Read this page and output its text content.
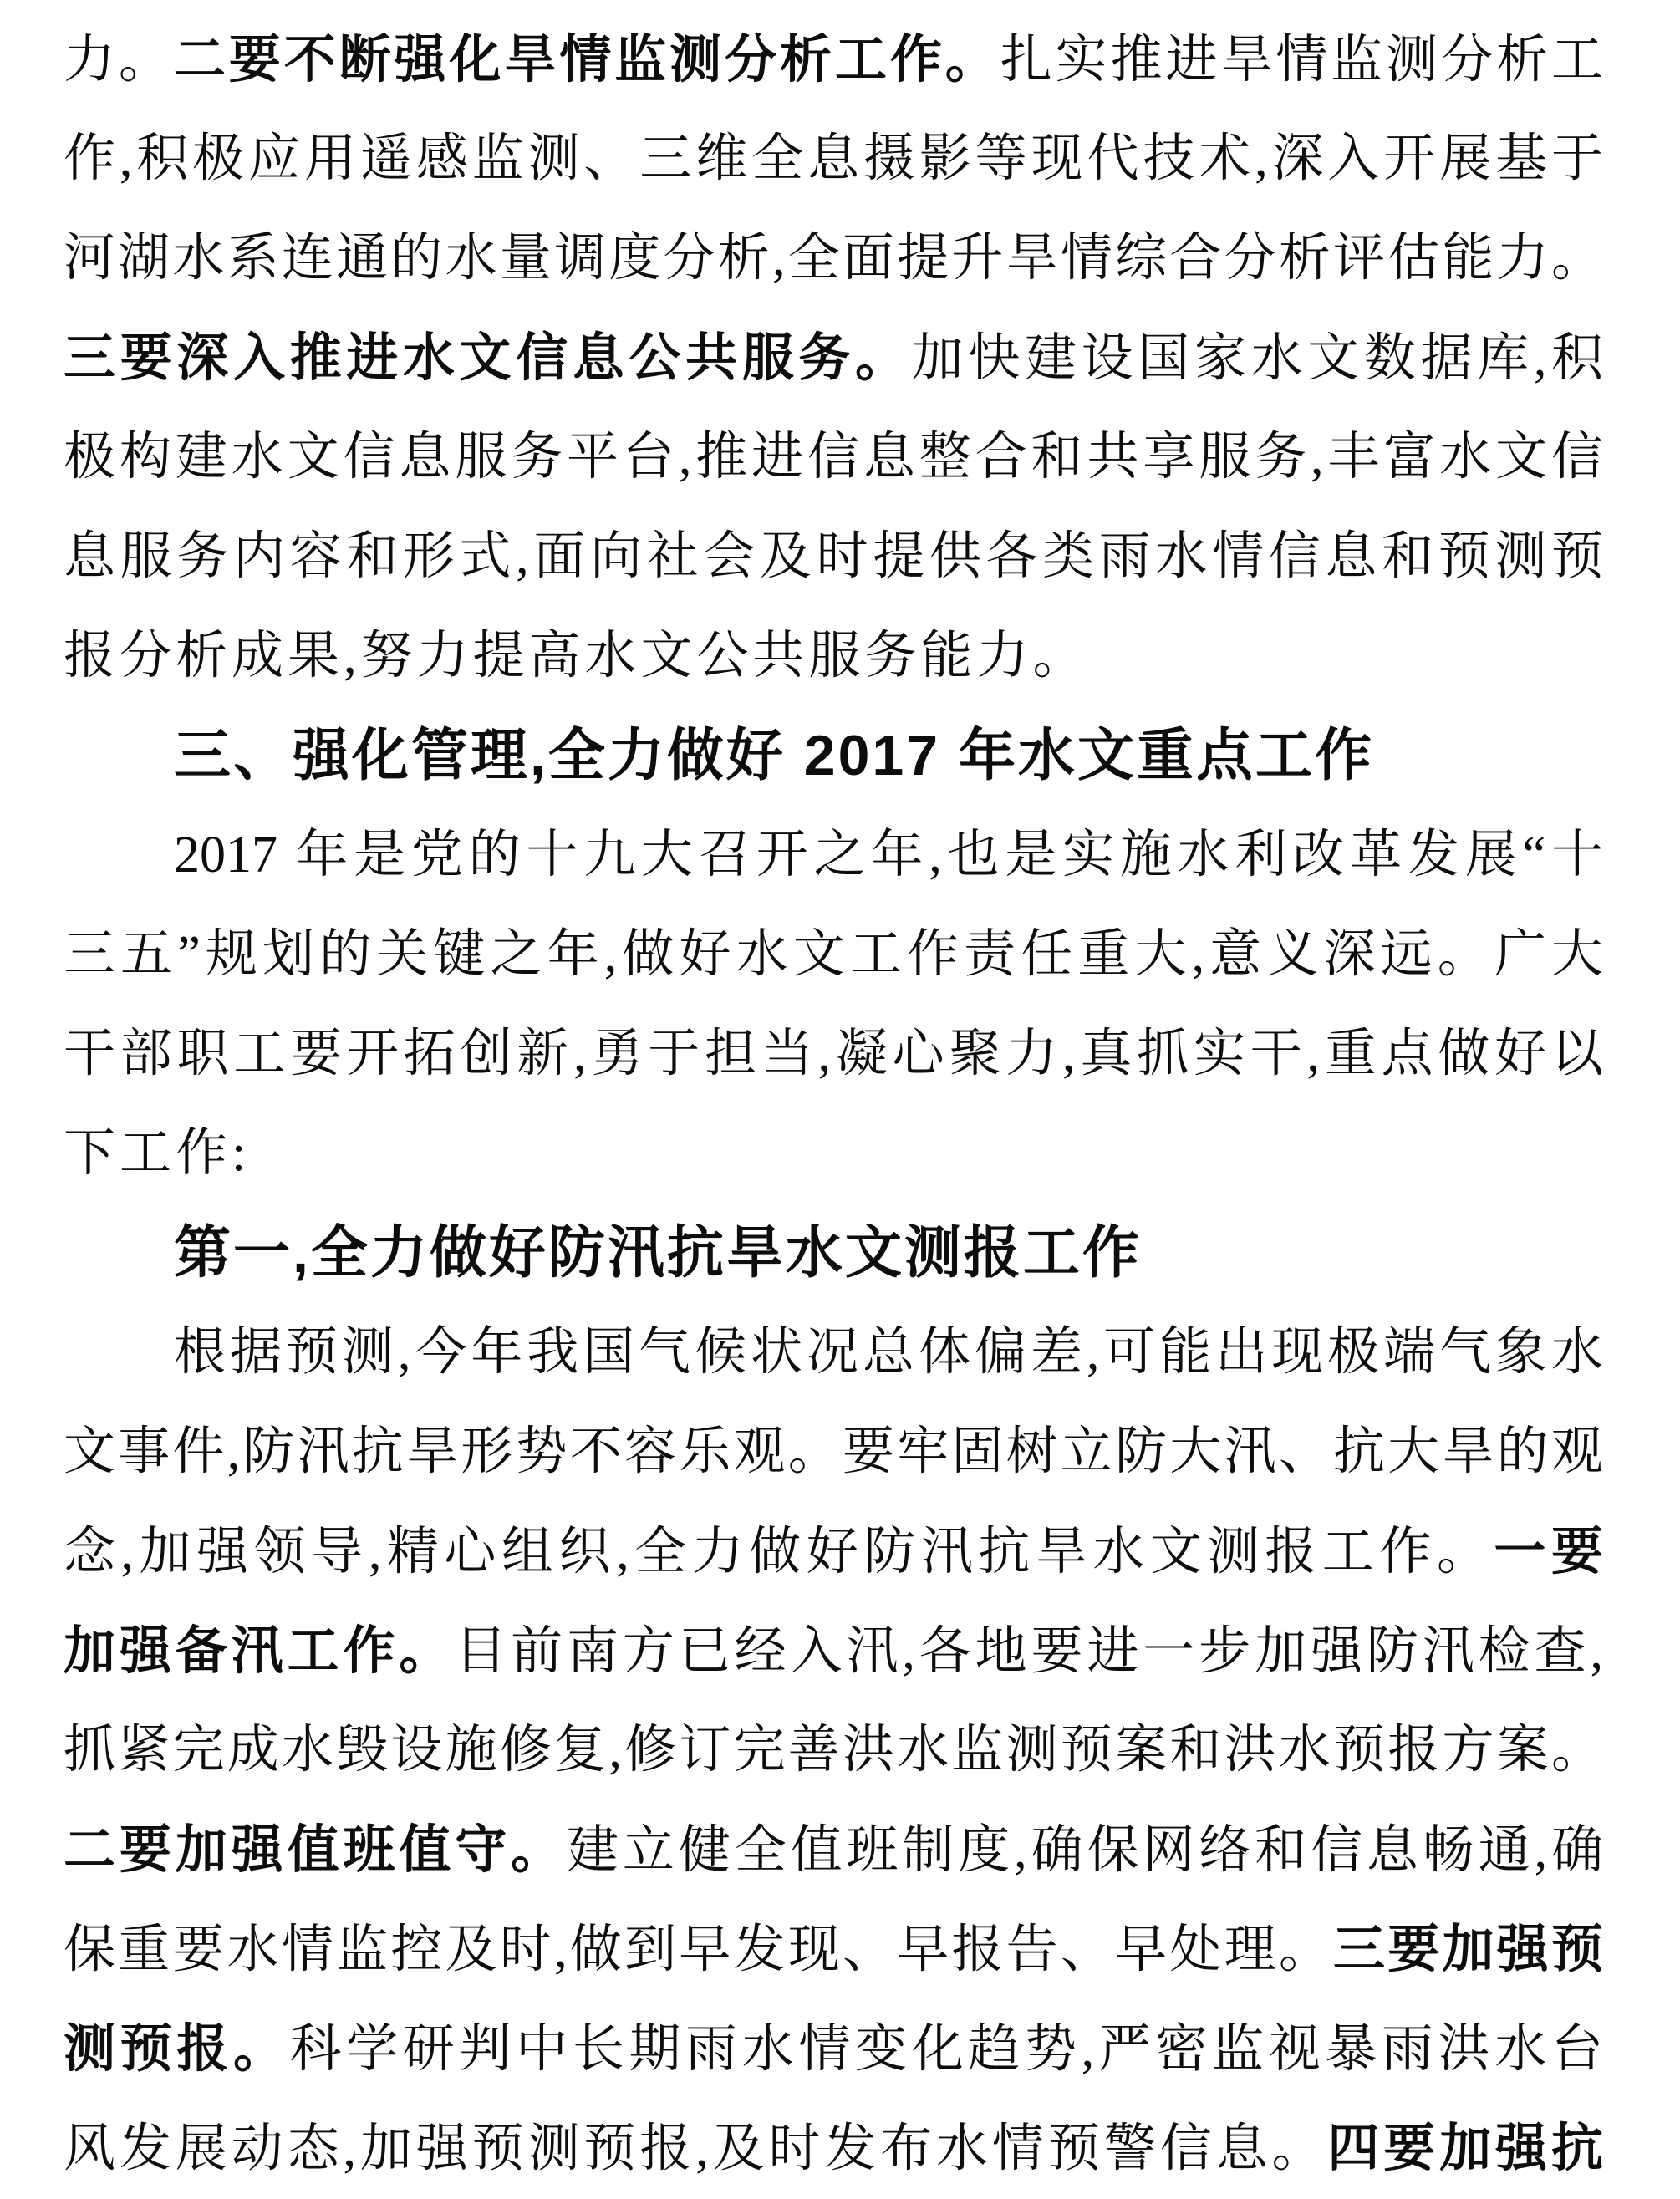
力。二要不断强化旱情监测分析工作。扎实推进旱情监测分析工
作,积极应用遥感监测、三维全息摄影等现代技术,深入开展基于
河湖水系连通的水量调度分析,全面提升旱情综合分析评估能力。
三要深入推进水文信息公共服务。加快建设国家水文数据库,积
极构建水文信息服务平台,推进信息整合和共享服务,丰富水文信
息服务内容和形式,面向社会及时提供各类雨水情信息和预测预
报分析成果,努力提高水文公共服务能力。
三、强化管理,全力做好 2017 年水文重点工作
2017 年是党的十九大召开之年,也是实施水利改革发展“十
三五”规划的关键之年,做好水文工作责任重大,意义深远。广大
干部职工要开拓创新,勇于担当,凝心聚力,真抓实干,重点做好以
下工作:
第一,全力做好防汛抗旱水文测报工作
根据预测,今年我国气候状况总体偏差,可能出现极端气象水
文事件,防汛抗旱形势不容乐观。要牢固树立防大汛、抗大旱的观
念,加强领导,精心组织,全力做好防汛抗旱水文测报工作。一要
加强备汛工作。目前南方已经入汛,各地要进一步加强防汛检查,
抓紧完成水毁设施修复,修订完善洪水监测预案和洪水预报方案。
二要加强值班值守。建立健全值班制度,确保网络和信息畅通,确
保重要水情监控及时,做到早发现、早报告、早处理。三要加强预
测预报。科学研判中长期雨水情变化趋势,严密监视暴雨洪水台
风发展动态,加强预测预报,及时发布水情预警信息。四要加强抗
